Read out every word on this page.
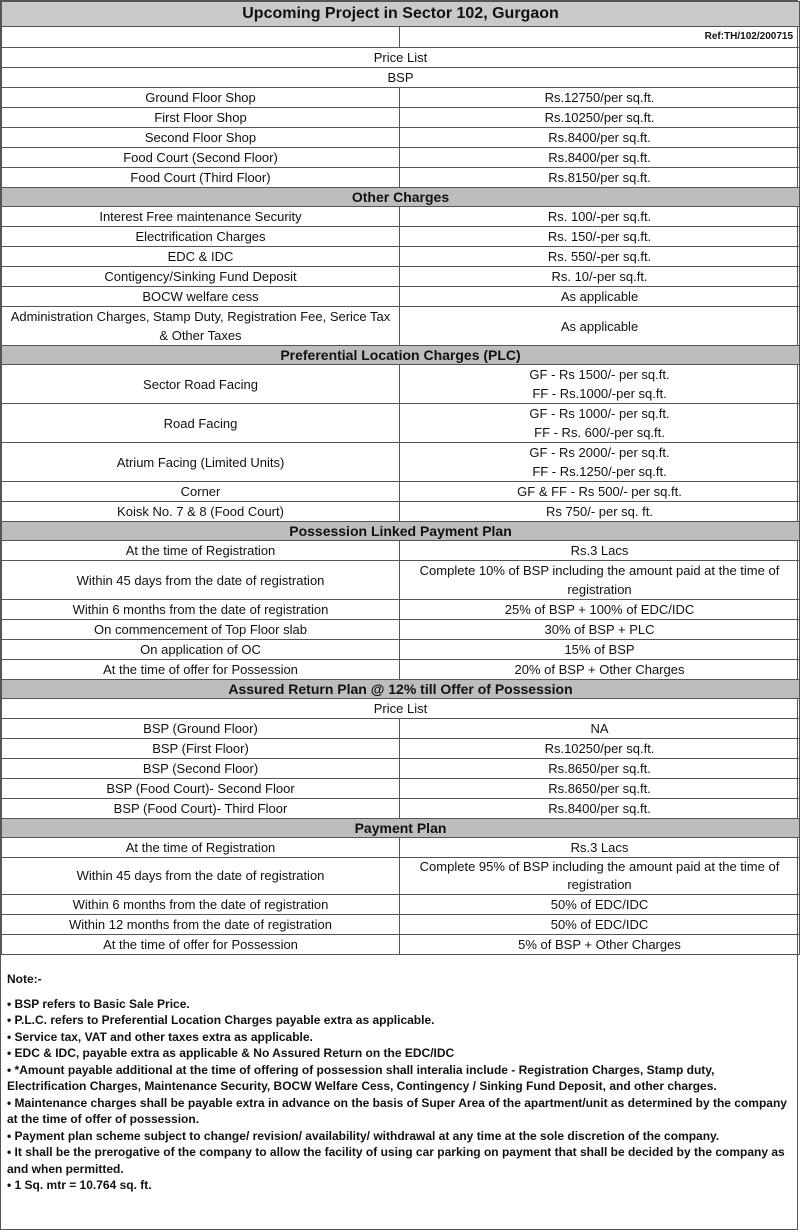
Upcoming Project in Sector 102, Gurgaon	
	Ref:TH/102/200715
Price List	
BSP	
Ground Floor Shop	Rs.12750/per sq.ft.
First Floor Shop	Rs.10250/per sq.ft.
Second Floor Shop	Rs.8400/per sq.ft.
Food Court (Second Floor)	Rs.8400/per sq.ft.
Food Court (Third Floor)	Rs.8150/per sq.ft.
Other Charges	
Interest Free maintenance Security	Rs. 100/-per sq.ft.
Electrification Charges	Rs. 150/-per sq.ft.
EDC & IDC	Rs. 550/-per sq.ft.
Contigency/Sinking Fund Deposit	Rs. 10/-per sq.ft.
BOCW welfare cess	As applicable
Administration Charges, Stamp Duty, Registration Fee, Serice Tax & Other Taxes	As applicable
Preferential Location Charges (PLC)	
Sector Road Facing	GF - Rs 1500/- per sq.ft.
FF - Rs.1000/-per sq.ft.

Road Facing	GF - Rs 1000/- per sq.ft.
FF - Rs. 600/-per sq.ft.

Atrium Facing (Limited Units)	GF - Rs 2000/- per sq.ft.
FF - Rs.1250/-per sq.ft.

Corner	GF & FF - Rs 500/- per sq.ft.
Koisk No. 7 & 8 (Food Court)	Rs 750/- per sq. ft.
Possession Linked Payment Plan	
At the time of Registration	Rs.3 Lacs
Within 45 days from the date of registration	Complete 10% of BSP including the amount paid at the time of registration
Within 6 months from the date of registration	25% of BSP + 100% of EDC/IDC
On commencement of Top Floor slab	30% of BSP + PLC
On application of OC	15% of BSP
At the time of offer for Possession	20% of BSP + Other Charges
Assured Return Plan @ 12% till Offer of Possession	
Price List	
BSP (Ground Floor)	NA
BSP (First Floor)	Rs.10250/per sq.ft.
BSP (Second Floor)	Rs.8650/per sq.ft.
BSP (Food Court)- Second Floor	Rs.8650/per sq.ft.
BSP (Food Court)- Third Floor	Rs.8400/per sq.ft.
Payment Plan	
At the time of Registration	Rs.3 Lacs
Within 45 days from the date of registration	Complete 95% of BSP including the amount paid at the time of registration
Within 6 months from the date of registration	50% of EDC/IDC
Within 12 months from the date of registration	50% of EDC/IDC
At the time of offer for Possession	5% of BSP + Other Charges
Note:-
• BSP refers to Basic Sale Price.
• P.L.C. refers to Preferential Location Charges payable extra as applicable.
• Service tax, VAT and other taxes extra as applicable.
• EDC & IDC, payable extra as applicable & No Assured Return on the EDC/IDC
• *Amount payable additional at the time of offering of possession shall interalia include - Registration Charges, Stamp duty, Electrification Charges, Maintenance Security, BOCW Welfare Cess, Contingency / Sinking Fund Deposit, and other charges.
• Maintenance charges shall be payable extra in advance on the basis of Super Area of the apartment/unit as determined by the company at the time of offer of possession.
• Payment plan scheme subject to change/ revision/ availability/ withdrawal at any time at the sole discretion of the company.
• It shall be the prerogative of the company to allow the facility of using car parking on payment that shall be decided by the company as and when permitted.
• 1 Sq. mtr = 10.764 sq. ft.
